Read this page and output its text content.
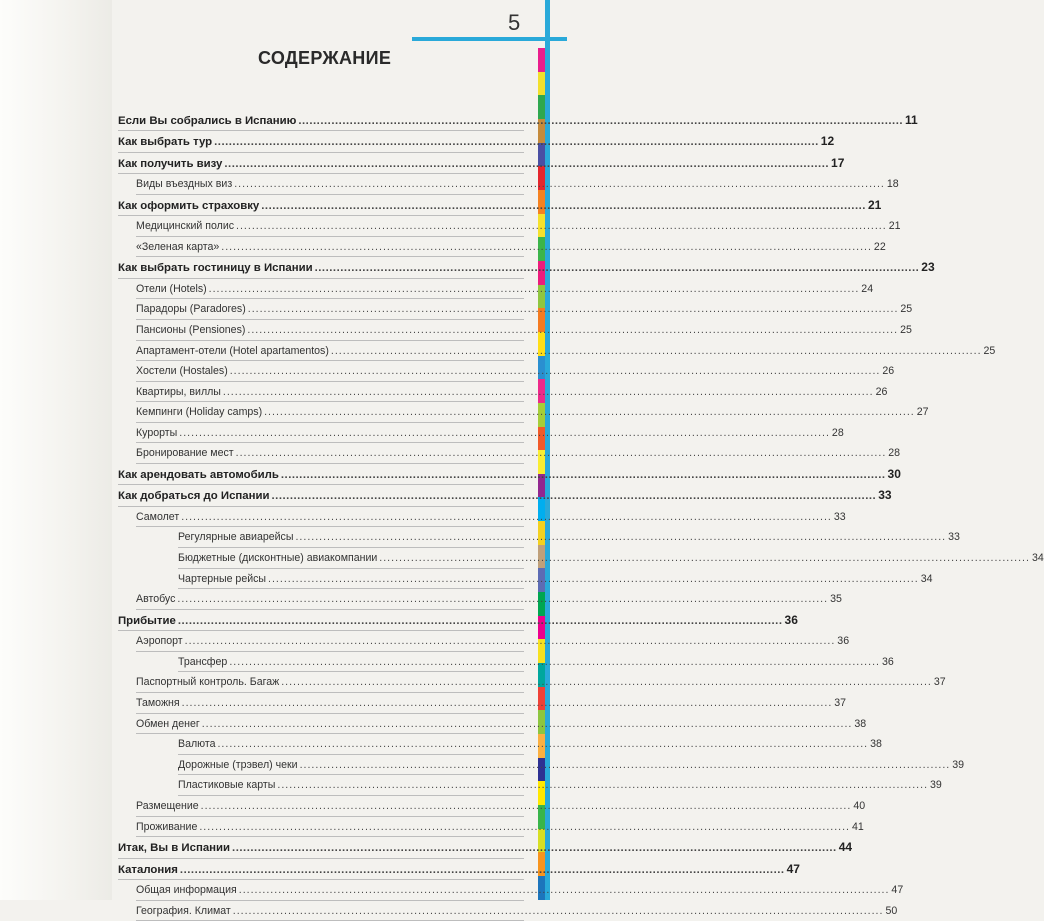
5
СОДЕРЖАНИЕ
Если Вы собрались в Испанию .....	11
Как выбрать тур .....	12
Как получить визу .....	17
Виды въездных виз .....	18
Как оформить страховку .....	21
Медицинский полис .....	21
«Зеленая карта» .....	22
Как выбрать гостиницу в Испании .....	23
Отели (Hotels) .....	24
Парадоры (Paradores) .....	25
Пансионы (Pensiones) .....	25
Апартамент-отели (Hotel apartamentos) .....	25
Хостели (Hostales) .....	26
Квартиры, виллы .....	26
Кемпинги (Holiday camps) .....	27
Курорты .....	28
Бронирование мест .....	28
Как арендовать автомобиль .....	30
Как добраться до Испании .....	33
Самолет .....	33
Регулярные авиарейсы .....	33
Бюджетные (дисконтные) авиакомпании .....	34
Чартерные рейсы .....	34
Автобус .....	35
Прибытие .....	36
Аэропорт .....	36
Трансфер .....	36
Паспортный контроль. Багаж .....	37
Таможня .....	37
Обмен денег .....	38
Валюта .....	38
Дорожные (трэвел) чеки .....	39
Пластиковые карты .....	39
Размещение .....	40
Проживание .....	41
Итак, Вы в Испании .....	44
Каталония .....	47
Общая информация .....	47
География. Климат .....	50
